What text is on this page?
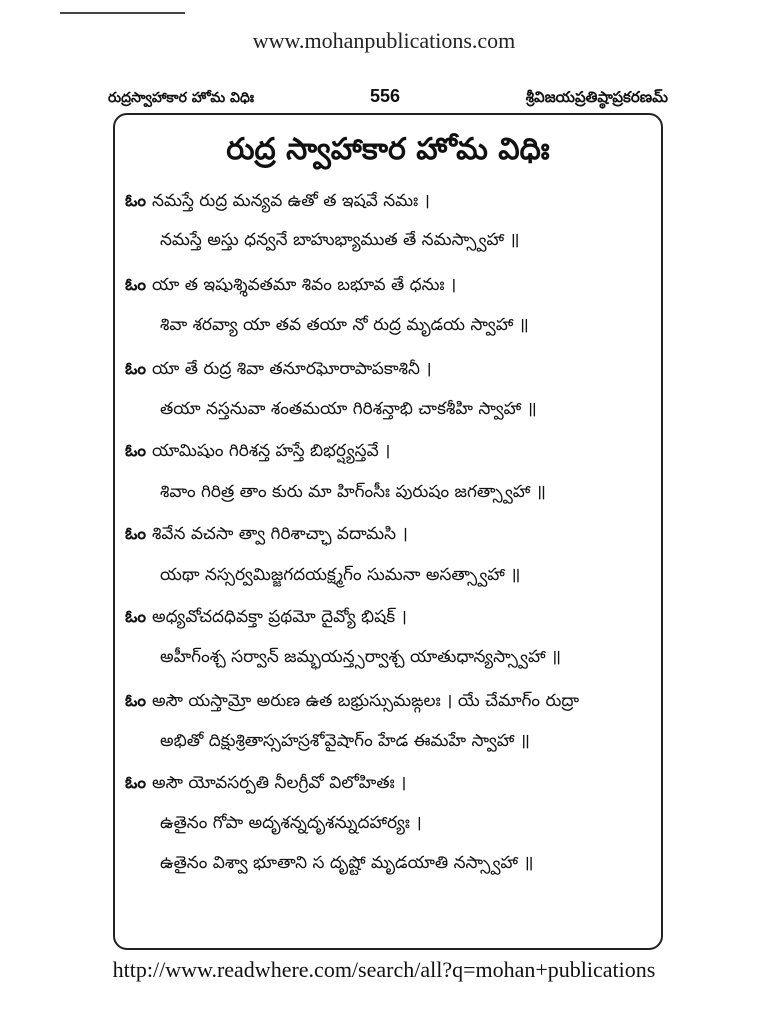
www.mohanpublications.com
రుద్రస్వాహాకార హోమ విధిః	556	శ్రీవిజయప్రతిష్ఠాప్రకరణమ్
రుద్ర స్వాహాకార హోమ విధిః
ఓం నమస్తే రుద్ర మన్యవ ఉతో త ఇషవే నమః ।
నమస్తే అస్తు ధన్వనే బాహుభ్యాముత తే నమస్స్వాహా ॥
ఓం యా త ఇషుశ్శివతమా శివం బభూవ తే ధనుః ।
శివా శరవ్యా యా తవ తయా నో రుద్ర మృడయ స్వాహా ॥
ఓం యా తే రుద్ర శివా తనూరఘోరాపాపకాశినీ ।
తయా నస్తనువా శంతమయా గిరిశన్తాభి చాకశీహి స్వాహా ॥
ఓం యామిషుం గిరిశన్త హస్తే బిభర్ష్యస్తవే ।
శివాం గిరిత్ర తాం కురు మా హిగ్ంసీః పురుషం జగత్స్వాహా ॥
ఓం శివేన వచసా త్వా గిరిశాచ్ఛా వదామసి ।
యథా నస్సర్వమిజ్జగదయక్ష్మగ్ం సుమనా అసత్స్వాహా ॥
ఓం అధ్యవోచదధివక్తా ప్రథమో దైవ్యో భిషక్ ।
అహీగ్ంశ్చ సర్వాన్ జమ్భయన్త్సర్వాశ్చ యాతుధాన్యస్స్వాహా ॥
ఓం అసౌ యస్తామ్రో అరుణ ఉత బభ్రుస్సుమఙ్గలః । యే చేమాగ్ం రుద్రా
అభితో దిక్షుశ్రితాస్సహస్రశోవైషాగ్ం హేడ ఈమహే స్వాహా ॥
ఓం అసౌ యోవసర్పతి నీలగ్రీవో విలోహితః ।
ఉతైనం గోపా అదృశన్నదృశన్నుదహార్యః ।
ఉతైనం విశ్వా భూతాని స దృష్టో మృడయాతి నస్స్వాహా ॥
http://www.readwhere.com/search/all?q=mohan+publications
